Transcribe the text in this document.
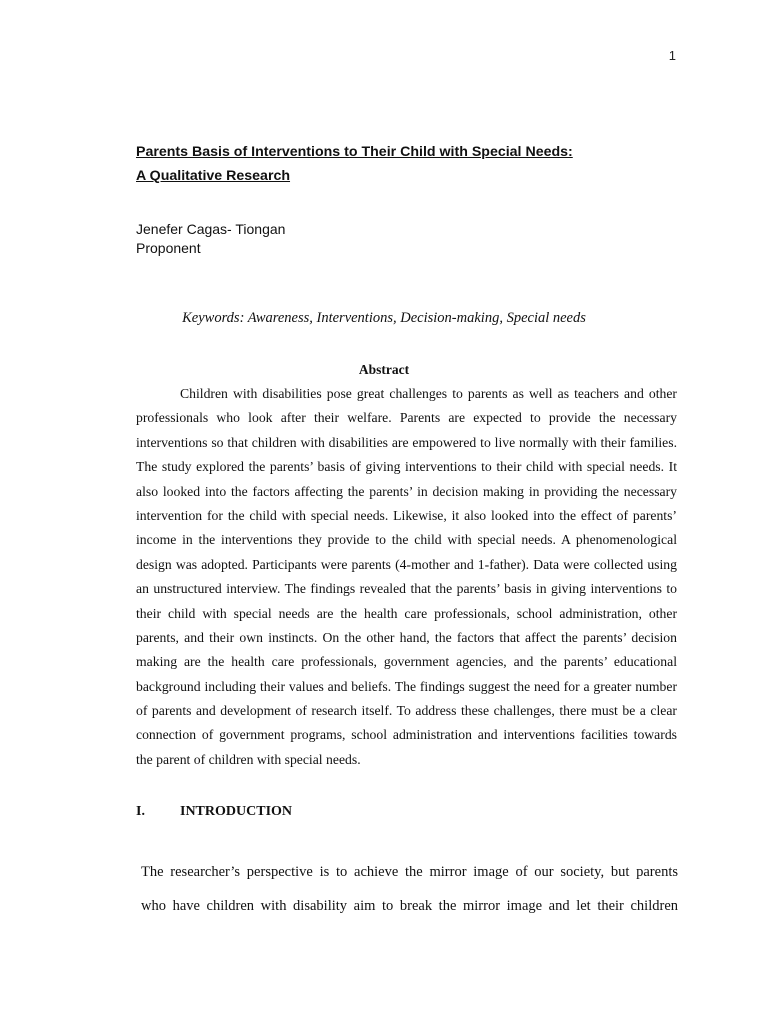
1
Parents Basis of Interventions to Their Child with Special Needs:
A Qualitative Research
Jenefer Cagas- Tiongan
Proponent
Keywords: Awareness, Interventions, Decision-making, Special needs
Abstract
Children with disabilities pose great challenges to parents as well as teachers and other
professionals who look after their welfare. Parents are expected to provide the necessary
interventions so that children with disabilities are empowered to live normally with their families.
The study explored the parents’ basis of giving interventions to their child with special needs. It
also looked into the factors affecting the parents’ in decision making in providing the necessary
intervention for the child with special needs. Likewise, it also looked into the effect of parents’
income in the interventions they provide to the child with special needs. A phenomenological
design was adopted. Participants were parents (4-mother and 1-father). Data were collected using
an unstructured interview. The findings revealed that the parents’ basis in giving interventions to
their child with special needs are the health care professionals, school administration, other
parents, and their own instincts. On the other hand, the factors that affect the parents’ decision
making are the health care professionals, government agencies, and the parents’ educational
background including their values and beliefs. The findings suggest the need for a greater number
of parents and development of research itself. To address these challenges, there must be a clear
connection of government programs, school administration and interventions facilities towards
the parent of children with special needs.
I.	INTRODUCTION
The researcher’s perspective is to achieve the mirror image of our society, but parents
who have children with disability aim to break the mirror image and let their children
